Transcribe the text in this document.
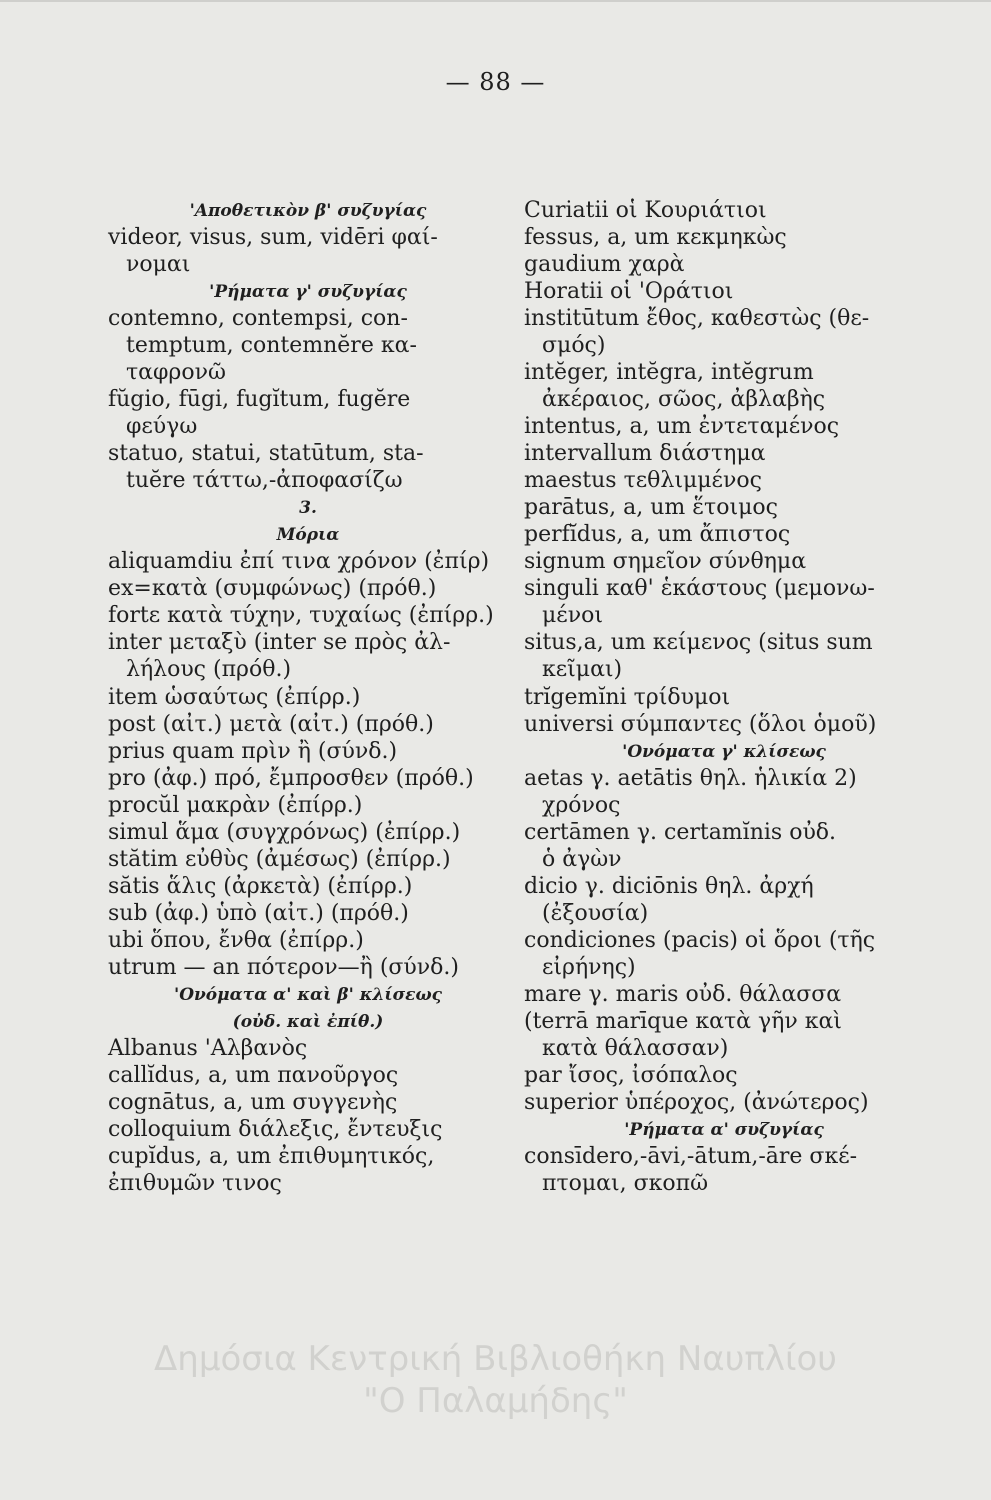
— 88 —
'Αποθετικὸν β' συζυγίας
videor, visus, sum, vidēri φαί-
νομαι
'Ρήματα γ' συζυγίας
contemno, contempsi, con-
temptum, contemnĕre κα-
ταφρονῶ
fŭgio, fūgi, fugĭtum, fugĕre
φεύγω
statuo, statui, statūtum, sta-
tuĕre τάττω,-ἀποφασίζω
3.
Μόρια
aliquamdiu ἐπί τινα χρόνον (ἐπίρ)
ex=κατὰ (συμφώνως) (πρόθ.)
fortε κατὰ τύχην, τυχαίως (ἐπίρρ.)
inter μεταξὺ (inter se πρὸς ἀλ-
λήλους (πρόθ.)
item ὡσαύτως (ἐπίρρ.)
post (αἰτ.) μετὰ (αἰτ.) (πρόθ.)
prius quam πρὶν ἢ (σύνδ.)
pro (ἀφ.) πρό, ἔμπροσθεν (πρόθ.)
procŭl μακρὰν (ἐπίρρ.)
simul ἅμα (συγχρόνως) (ἐπίρρ.)
stătim εὐθὺς (ἀμέσως) (ἐπίρρ.)
sătis ἅλις (ἀρκετὰ) (ἐπίρρ.)
sub (ἀφ.) ὑπὸ (αἰτ.) (πρόθ.)
ubi ὅπου, ἔνθα (ἐπίρρ.)
utrum — an πότερον—ἢ (σύνδ.)
'Ονόματα α' καὶ β' κλίσεως
(οὐδ. καὶ ἐπίθ.)
Albanus 'Αλβανὸς
callĭdus, a, um πανοῦργος
cognātus, a, um συγγενὴς
colloquium διάλεξις, ἔντευξις
cupĭdus, a, um ἐπιθυμητικός,
ἐπιθυμῶν τινος
Curiatii οἱ Κουριάτιοι
fessus, a, um κεκμηκὼς
gaudium χαρὰ
Horatii οἱ 'Οράτιοι
institūtum ἔθος, καθεστὼς (θε-
σμός)
intĕger, intĕgra, intĕgrum
ἀκέραιος, σῶος, ἀβλαβὴς
intentus, a, um ἐντεταμένος
intervallum διάστημα
maestus τεθλιμμένος
parātus, a, um ἕτοιμος
perfĭdus, a, um ἄπιστος
signum σημεῖον σύνθημα
singuli καθ' ἑκάστους (μεμονω-
μένοι
situs,a, um κείμενος (situs sum
κεῖμαι)
trĭgemĭni τρίδυμοι
universi σύμπαντες (ὅλοι ὁμοῦ)
'Ονόματα γ' κλίσεως
aetas γ. aetātis θηλ. ἡλικία 2)
χρόνος
certāmen γ. certamĭnis οὐδ.
ὁ ἀγὼν
dicio γ. diciōnis θηλ. ἀρχή
(ἐξουσία)
condiciones (pacis) οἱ ὅροι (τῆς
εἰρήνης)
mare γ. maris οὐδ. θάλασσα
(terrā marīque κατὰ γῆν καὶ
κατὰ θάλασσαν)
par ἴσος, ἰσόπαλος
superior ὑπέροχος, (ἀνώτερος)
'Ρήματα α' συζυγίας
consīdero,-āvi,-ātum,-āre σκέ-
πτομαι, σκοπῶ
Δημόσια Κεντρική Βιβλιοθήκη Ναυπλίου
"Ο Παλαμήδης"
